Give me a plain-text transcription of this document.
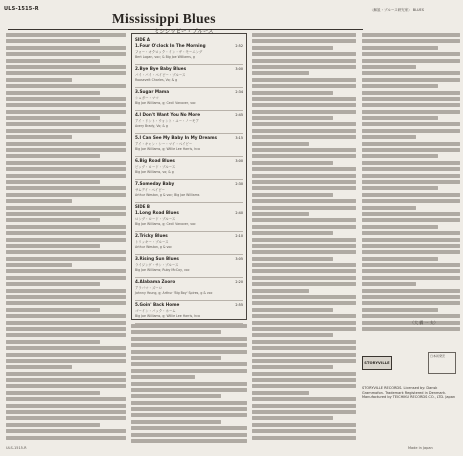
ULS-1515-R
Mississippi Blues
ミシシッピー・ブルース
〈解説・ブルース研究家〉 BLUES
SIDE A
1.Four O'clock In The Morning
フォー・オクロック・イン・ザ・モーニング
Bert Logan, voc; & Big Joe Williams, g
2:52
2.Bye Bye Baby Blues
バイ・バイ・ベイビー・ブルース
Roosevelt Charles, Vo; & g
3:00
3.Sugar Mama
シュガー・ママ
Big Joe Williams, g; Cecil Vanover, voc
2:34
4.I Don't Want You No More
アイ・ドント・ウォント・ユー・ノーモア
Avery Brady, Vo; & g
2:45
5.I Can See My Baby In My Dreams
アイ・キャン・シー・マイ・ベイビー
Big Joe Williams, g; Willie Lee Harris, hca
3:15
6.Big Road Blues
ビッグ・ロード・ブルース
Big Joe Williams, vo; & g
3:00
7.Someday Baby
サムデイ・ベイビー
Arthur Weston, g & voc; Big Joe Williams
2:30
SIDE B
1.Long Road Blues
ロング・ロード・ブルース
Big Joe Williams, g; Cecil Vanover, voc
2:40
2.Tricky Blues
トリッキー・ブルース
Arthur Weston, g & voc
2:10
3.Rising Sun Blues
ライジング・サン・ブルース
Big Joe Williams; Ruby McCoy, voc
3:05
4.Alabama Zooro
アラバマ・ズーロ
Johnny Young, g; Arthur 'Big Boy' Spires, g & voc
2:20
5.Goin' Back Home
ゴーイン・バック・ホーム
Big Joe Williams, g; Willie Lee Harris, hca
2:55
（大 橋 一 夫）
STORYVILLE
日本初発売
STORYVILLE RECORDS. Licensed by: Dansk Grammofon. Trademark Registered in Denmark. Manufactured by TEICHIKU RECORDS CO., LTD. Japan
ULS-1515-R	Made in Japan
